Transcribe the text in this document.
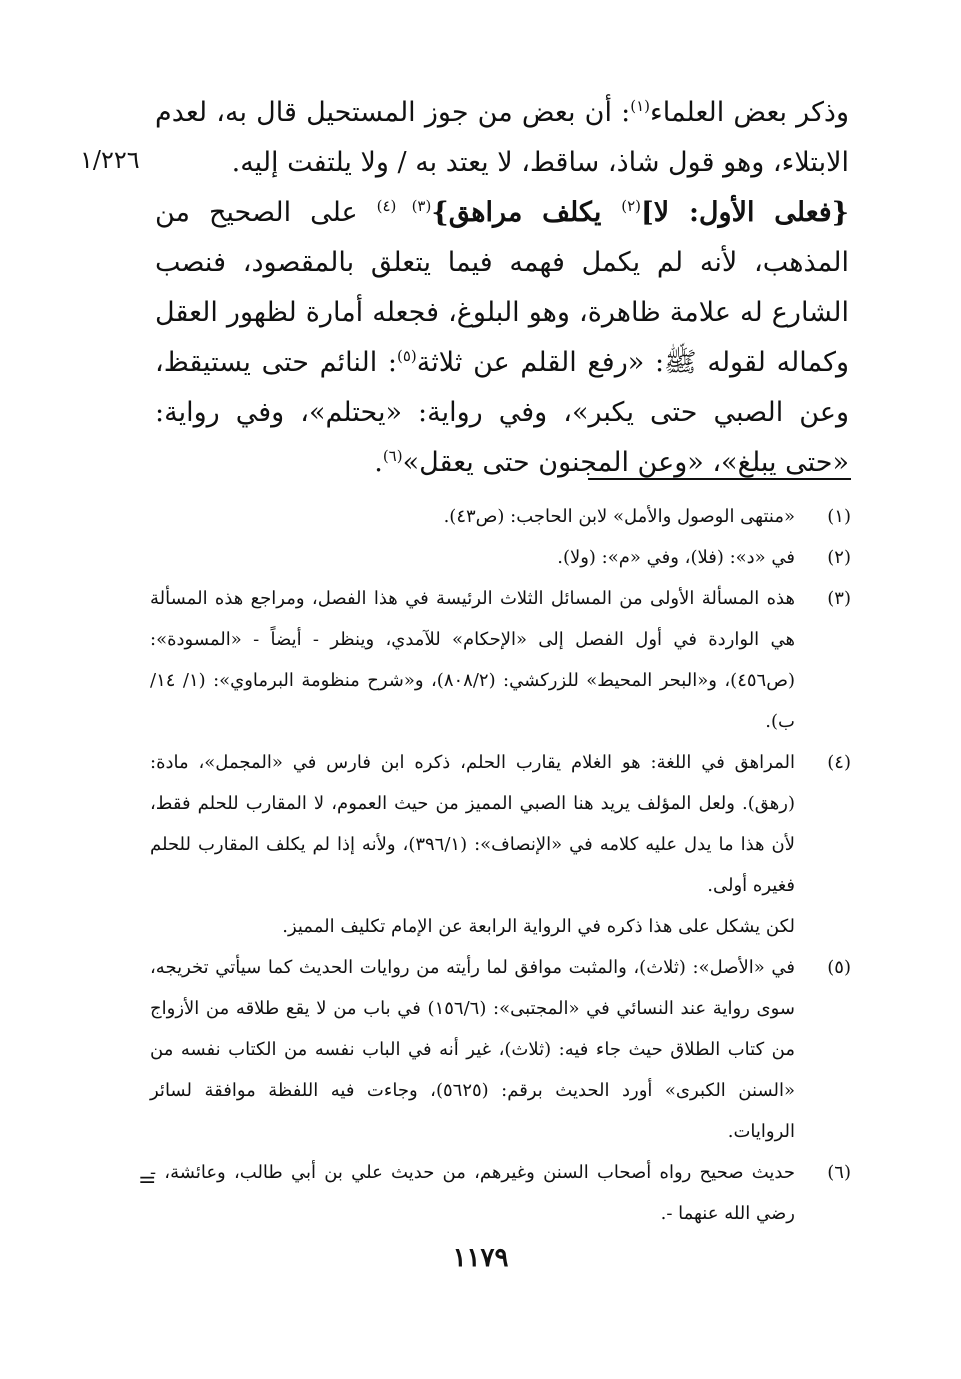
١/٢٢٦

وذكر بعض العلماء$^{(١)}$: أن بعض من جوز المستحيل قال به، لعدم الابتلاء، وهو قول شاذ، ساقط، لا يعتد به / ولا يلتفت إليه.

{فعلى الأول: لا]$^{(٢)}$ يكلف مراهق}$^{(٣)}$ $^{(٤)}$ على الصحيح من المذهب، لأنه لم يكمل فهمه فيما يتعلق بالمقصود، فنصب الشارع له علامة ظاهرة، وهو البلوغ، فجعله أمارة لظهور العقل وكماله لقوله ﷺ: «رفع القلم عن ثلاثة$^{(٥)}$: النائم حتى يستيقظ، وعن الصبي حتى يكبر»، وفي رواية: «يحتلم»، وفي رواية: «حتى يبلغ»، «وعن المجنون حتى يعقل»$^{(٦)}$.

(١)
«منتهى الوصول والأمل» لابن الحاجب: (ص٤٣).
(٢)
في «د»: (فلا)، وفي «م»: (ولا).
(٣)
هذه المسألة الأولى من المسائل الثلاث الرئيسة في هذا الفصل، ومراجع هذه المسألة هي الواردة في أول الفصل إلى «الإحكام» للآمدي، وينظر - أيضاً - «المسودة»: (ص٤٥٦)، و«البحر المحيط» للزركشي: (٨٠٨/٢)، و«شرح منظومة البرماوي»: (١/ ١٤/ب).
(٤)
المراهق في اللغة: هو الغلام يقارب الحلم، ذكره ابن فارس في «المجمل»، مادة: (رهق). ولعل المؤلف يريد هنا الصبي المميز من حيث العموم، لا المقارب للحلم فقط، لأن هذا ما يدل عليه كلامه في «الإنصاف»: (٣٩٦/١)، ولأنه إذا لم يكلف المقارب للحلم فغيره أولى.
لكن يشكل على هذا ذكره في الرواية الرابعة عن الإمام تكليف المميز.
(٥)
في «الأصل»: (ثلاث)، والمثبت موافق لما رأيته من روايات الحديث كما سيأتي تخريجه، سوى رواية عند النسائي في «المجتبى»: (١٥٦/٦) في باب من لا يقع طلاقه من الأزواج من كتاب الطلاق حيث جاء فيه: (ثلاث)، غير أنه في الباب نفسه من الكتاب نفسه من «السنن الكبرى» أورد الحديث برقم: (٥٦٢٥)، وجاءت فيه اللفظة موافقة لسائر الروايات.
(٦)
حديث صحيح رواه أصحاب السنن وغيرهم، من حديث علي بن أبي طالب، وعائشة، - رضي الله عنهما -.
=
١١٧٩
